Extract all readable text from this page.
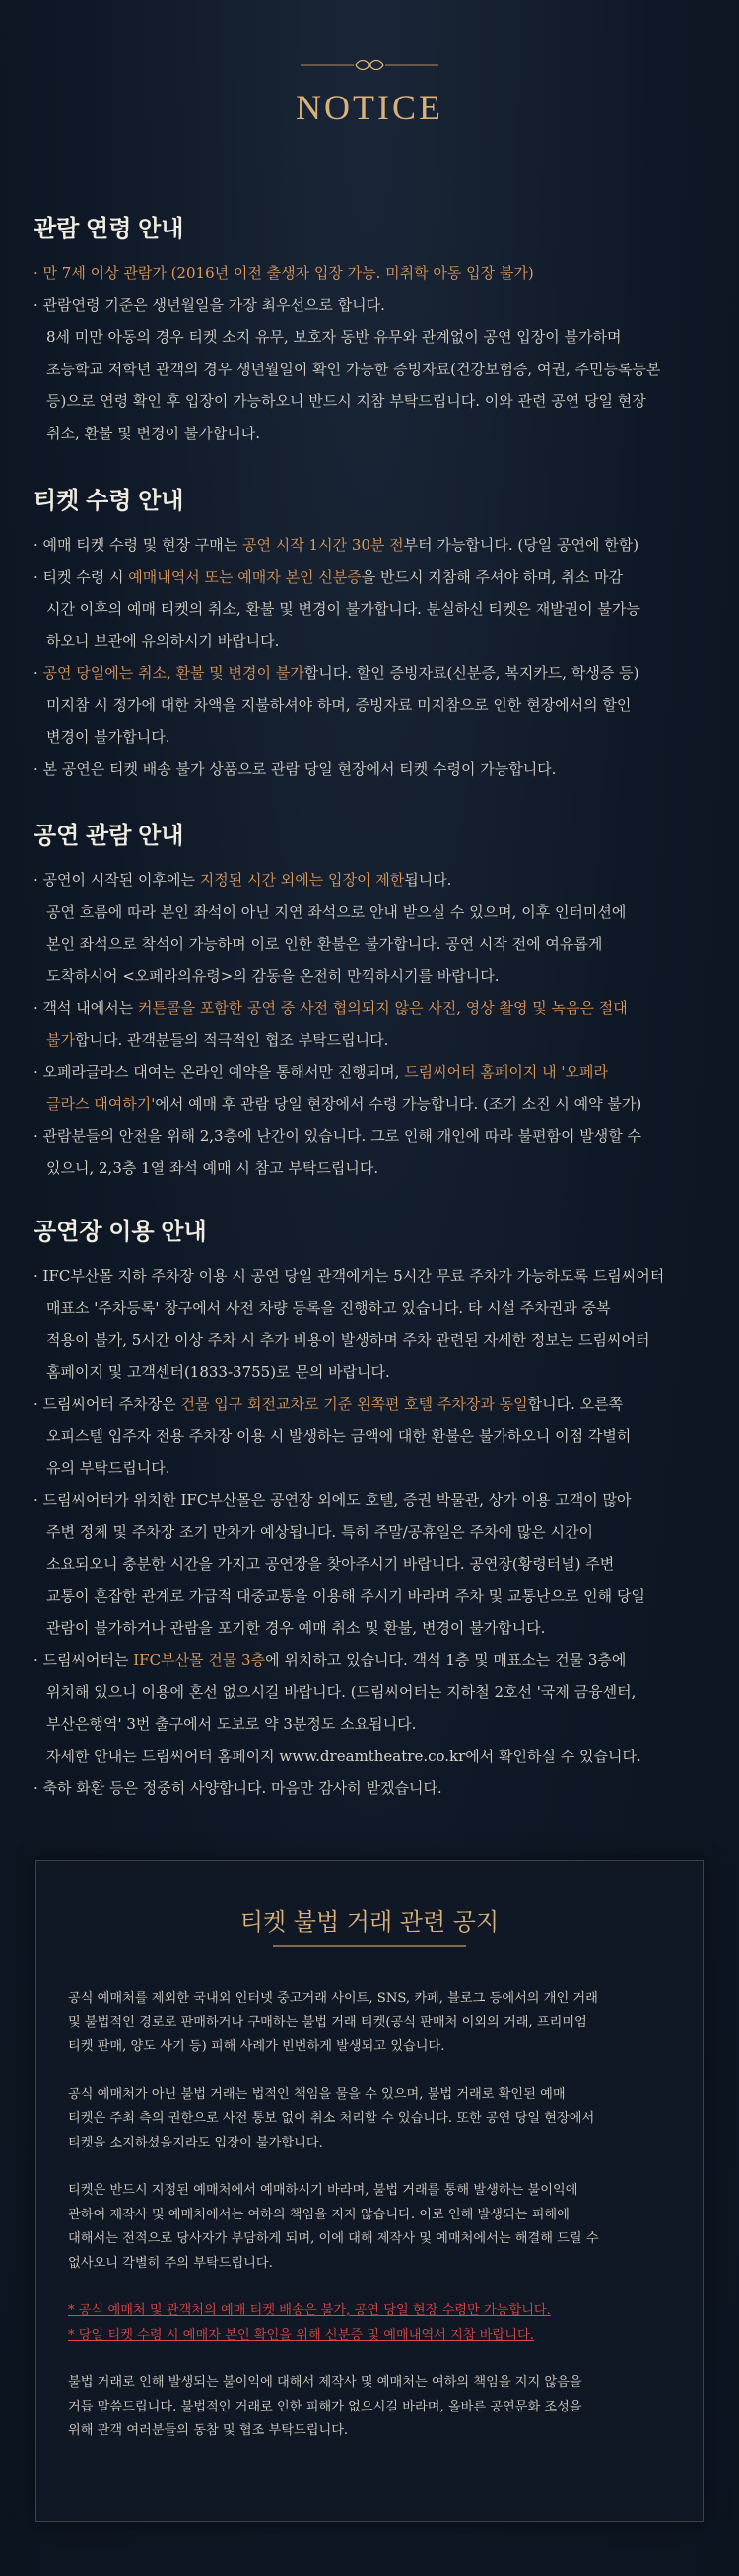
NOTICE
관람 연령 안내
· 만 7세 이상 관람가 (2016년 이전 출생자 입장 가능. 미취학 아동 입장 불가)
· 관람연령 기준은 생년월일을 가장 최우선으로 합니다.
8세 미만 아동의 경우 티켓 소지 유무, 보호자 동반 유무와 관계없이 공연 입장이 불가하며
초등학교 저학년 관객의 경우 생년월일이 확인 가능한 증빙자료(건강보험증, 여권, 주민등록등본
등)으로 연령 확인 후 입장이 가능하오니 반드시 지참 부탁드립니다. 이와 관련 공연 당일 현장
취소, 환불 및 변경이 불가합니다.
티켓 수령 안내
· 예매 티켓 수령 및 현장 구매는 공연 시작 1시간 30분 전부터 가능합니다. (당일 공연에 한함)
· 티켓 수령 시 예매내역서 또는 예매자 본인 신분증을 반드시 지참해 주셔야 하며, 취소 마감
시간 이후의 예매 티켓의 취소, 환불 및 변경이 불가합니다. 분실하신 티켓은 재발권이 불가능
하오니 보관에 유의하시기 바랍니다.
· 공연 당일에는 취소, 환불 및 변경이 불가합니다. 할인 증빙자료(신분증, 복지카드, 학생증 등)
미지참 시 정가에 대한 차액을 지불하셔야 하며, 증빙자료 미지참으로 인한 현장에서의 할인
변경이 불가합니다.
· 본 공연은 티켓 배송 불가 상품으로 관람 당일 현장에서 티켓 수령이 가능합니다.
공연 관람 안내
· 공연이 시작된 이후에는 지정된 시간 외에는 입장이 제한됩니다.
공연 흐름에 따라 본인 좌석이 아닌 지연 좌석으로 안내 받으실 수 있으며, 이후 인터미션에
본인 좌석으로 착석이 가능하며 이로 인한 환불은 불가합니다. 공연 시작 전에 여유롭게
도착하시어 <오페라의유령>의 감동을 온전히 만끽하시기를 바랍니다.
· 객석 내에서는 커튼콜을 포함한 공연 중 사전 협의되지 않은 사진, 영상 촬영 및 녹음은 절대
불가합니다. 관객분들의 적극적인 협조 부탁드립니다.
· 오페라글라스 대여는 온라인 예약을 통해서만 진행되며, 드림씨어터 홈페이지 내 '오페라
글라스 대여하기'에서 예매 후 관람 당일 현장에서 수령 가능합니다. (조기 소진 시 예약 불가)
· 관람분들의 안전을 위해 2,3층에 난간이 있습니다. 그로 인해 개인에 따라 불편함이 발생할 수
있으니, 2,3층 1열 좌석 예매 시 참고 부탁드립니다.
공연장 이용 안내
· IFC부산몰 지하 주차장 이용 시 공연 당일 관객에게는 5시간 무료 주차가 가능하도록 드림씨어터
매표소 '주차등록' 창구에서 사전 차량 등록을 진행하고 있습니다. 타 시설 주차권과 중복
적용이 불가, 5시간 이상 주차 시 추가 비용이 발생하며 주차 관련된 자세한 정보는 드림씨어터
홈페이지 및 고객센터(1833-3755)로 문의 바랍니다.
· 드림씨어터 주차장은 건물 입구 회전교차로 기준 왼쪽편 호텔 주차장과 동일합니다. 오른쪽
오피스텔 입주자 전용 주차장 이용 시 발생하는 금액에 대한 환불은 불가하오니 이점 각별히
유의 부탁드립니다.
· 드림씨어터가 위치한 IFC부산몰은 공연장 외에도 호텔, 증권 박물관, 상가 이용 고객이 많아
주변 정체 및 주차장 조기 만차가 예상됩니다. 특히 주말/공휴일은 주차에 많은 시간이
소요되오니 충분한 시간을 가지고 공연장을 찾아주시기 바랍니다. 공연장(황령터널) 주변
교통이 혼잡한 관계로 가급적 대중교통을 이용해 주시기 바라며 주차 및 교통난으로 인해 당일
관람이 불가하거나 관람을 포기한 경우 예매 취소 및 환불, 변경이 불가합니다.
· 드림씨어터는 IFC부산몰 건물 3층에 위치하고 있습니다. 객석 1층 및 매표소는 건물 3층에
위치해 있으니 이용에 혼선 없으시길 바랍니다. (드림씨어터는 지하철 2호선 '국제 금융센터,
부산은행역' 3번 출구에서 도보로 약 3분정도 소요됩니다.
자세한 안내는 드림씨어터 홈페이지 www.dreamtheatre.co.kr에서 확인하실 수 있습니다.
· 축하 화환 등은 정중히 사양합니다. 마음만 감사히 받겠습니다.
티켓 불법 거래 관련 공지
공식 예매처를 제외한 국내외 인터넷 중고거래 사이트, SNS, 카페, 블로그 등에서의 개인 거래
및 불법적인 경로로 판매하거나 구매하는 불법 거래 티켓(공식 판매처 이외의 거래, 프리미엄
티켓 판매, 양도 사기 등) 피해 사례가 빈번하게 발생되고 있습니다.
공식 예매처가 아닌 불법 거래는 법적인 책임을 물을 수 있으며, 불법 거래로 확인된 예매
티켓은 주최 측의 권한으로 사전 통보 없이 취소 처리할 수 있습니다. 또한 공연 당일 현장에서
티켓을 소지하셨을지라도 입장이 불가합니다.
티켓은 반드시 지정된 예매처에서 예매하시기 바라며, 불법 거래를 통해 발생하는 불이익에
관하여 제작사 및 예매처에서는 여하의 책임을 지지 않습니다. 이로 인해 발생되는 피해에
대해서는 전적으로 당사자가 부담하게 되며, 이에 대해 제작사 및 예매처에서는 해결해 드릴 수
없사오니 각별히 주의 부탁드립니다.
* 공식 예매처 및 관객처의 예매 티켓 배송은 불가, 공연 당일 현장 수령만 가능합니다.
* 당일 티켓 수령 시 예매자 본인 확인을 위해 신분증 및 예매내역서 지참 바랍니다.
불법 거래로 인해 발생되는 불이익에 대해서 제작사 및 예매처는 여하의 책임을 지지 않음을
거듭 말씀드립니다. 불법적인 거래로 인한 피해가 없으시길 바라며, 올바른 공연문화 조성을
위해 관객 여러분들의 동참 및 협조 부탁드립니다.
